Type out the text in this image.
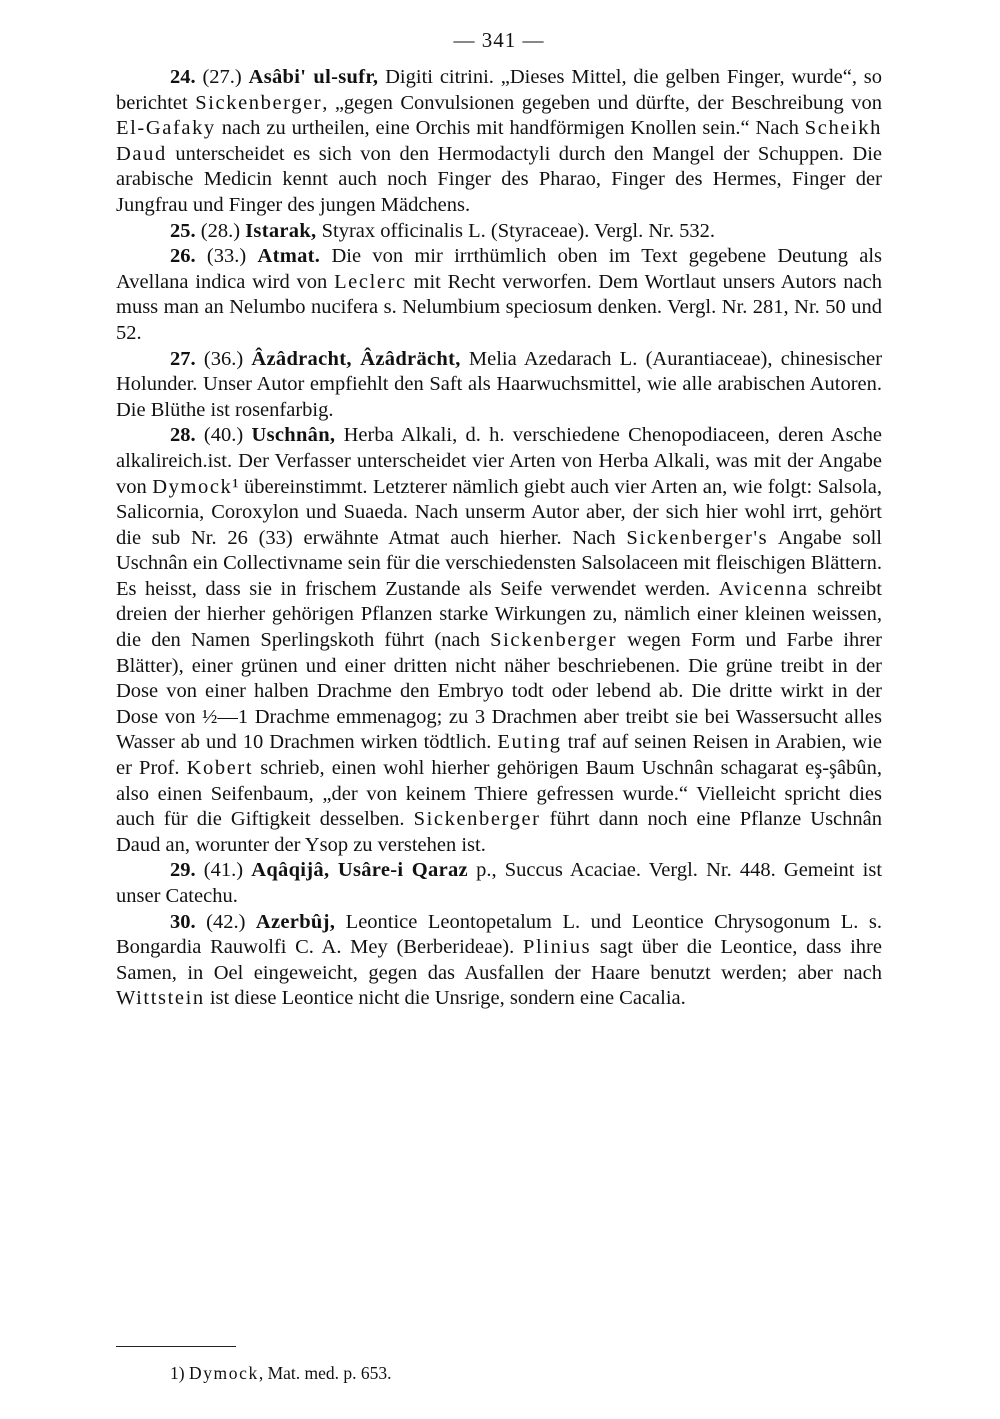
— 341 —

24. (27.) Asâbi' ul-sufr, Digiti citrini. „Dieses Mittel, die gelben Finger, wurde“, so berichtet Sickenberger, „gegen Convulsionen gegeben und dürfte, der Beschreibung von El-Gafaky nach zu urtheilen, eine Orchis mit handförmigen Knollen sein.“ Nach Scheikh Daud unterscheidet es sich von den Hermodactyli durch den Mangel der Schuppen. Die arabische Medicin kennt auch noch Finger des Pharao, Finger des Hermes, Finger der Jungfrau und Finger des jungen Mädchens.

25. (28.) Istarak, Styrax officinalis L. (Styraceae). Vergl. Nr. 532.

26. (33.) Atmat. Die von mir irrthümlich oben im Text gegebene Deutung als Avellana indica wird von Leclerc mit Recht verworfen. Dem Wortlaut unsers Autors nach muss man an Nelumbo nucifera s. Nelumbium speciosum denken. Vergl. Nr. 281, Nr. 50 und 52.

27. (36.) Âzâdracht, Âzâdrächt, Melia Azedarach L. (Aurantiaceae), chinesischer Holunder. Unser Autor empfiehlt den Saft als Haarwuchsmittel, wie alle arabischen Autoren. Die Blüthe ist rosenfarbig.

28. (40.) Uschnân, Herba Alkali, d. h. verschiedene Chenopodiaceen, deren Asche alkalireich.ist. Der Verfasser unterscheidet vier Arten von Herba Alkali, was mit der Angabe von Dymock¹ übereinstimmt. Letzterer nämlich giebt auch vier Arten an, wie folgt: Salsola, Salicornia, Coroxylon und Suaeda. Nach unserm Autor aber, der sich hier wohl irrt, gehört die sub Nr. 26 (33) erwähnte Atmat auch hierher. Nach Sickenberger's Angabe soll Uschnân ein Collectivname sein für die verschiedensten Salsolaceen mit fleischigen Blättern. Es heisst, dass sie in frischem Zustande als Seife verwendet werden. Avicenna schreibt dreien der hierher gehörigen Pflanzen starke Wirkungen zu, nämlich einer kleinen weissen, die den Namen Sperlingskoth führt (nach Sickenberger wegen Form und Farbe ihrer Blätter), einer grünen und einer dritten nicht näher beschriebenen. Die grüne treibt in der Dose von einer halben Drachme den Embryo todt oder lebend ab. Die dritte wirkt in der Dose von ½—1 Drachme emmenagog; zu 3 Drachmen aber treibt sie bei Wassersucht alles Wasser ab und 10 Drachmen wirken tödtlich. Euting traf auf seinen Reisen in Arabien, wie er Prof. Kobert schrieb, einen wohl hierher gehörigen Baum Uschnân schagarat eş-şâbûn, also einen Seifenbaum, „der von keinem Thiere gefressen wurde.“ Vielleicht spricht dies auch für die Giftigkeit desselben. Sickenberger führt dann noch eine Pflanze Uschnân Daud an, worunter der Ysop zu verstehen ist.

29. (41.) Aqâqijâ, Usâre-i Qaraz p., Succus Acaciae. Vergl. Nr. 448. Gemeint ist unser Catechu.

30. (42.) Azerbûj, Leontice Leontopetalum L. und Leontice Chrysogonum L. s. Bongardia Rauwolfi C. A. Mey (Berberideae). Plinius sagt über die Leontice, dass ihre Samen, in Oel eingeweicht, gegen das Ausfallen der Haare benutzt werden; aber nach Wittstein ist diese Leontice nicht die Unsrige, sondern eine Cacalia.

1) Dymock, Mat. med. p. 653.
